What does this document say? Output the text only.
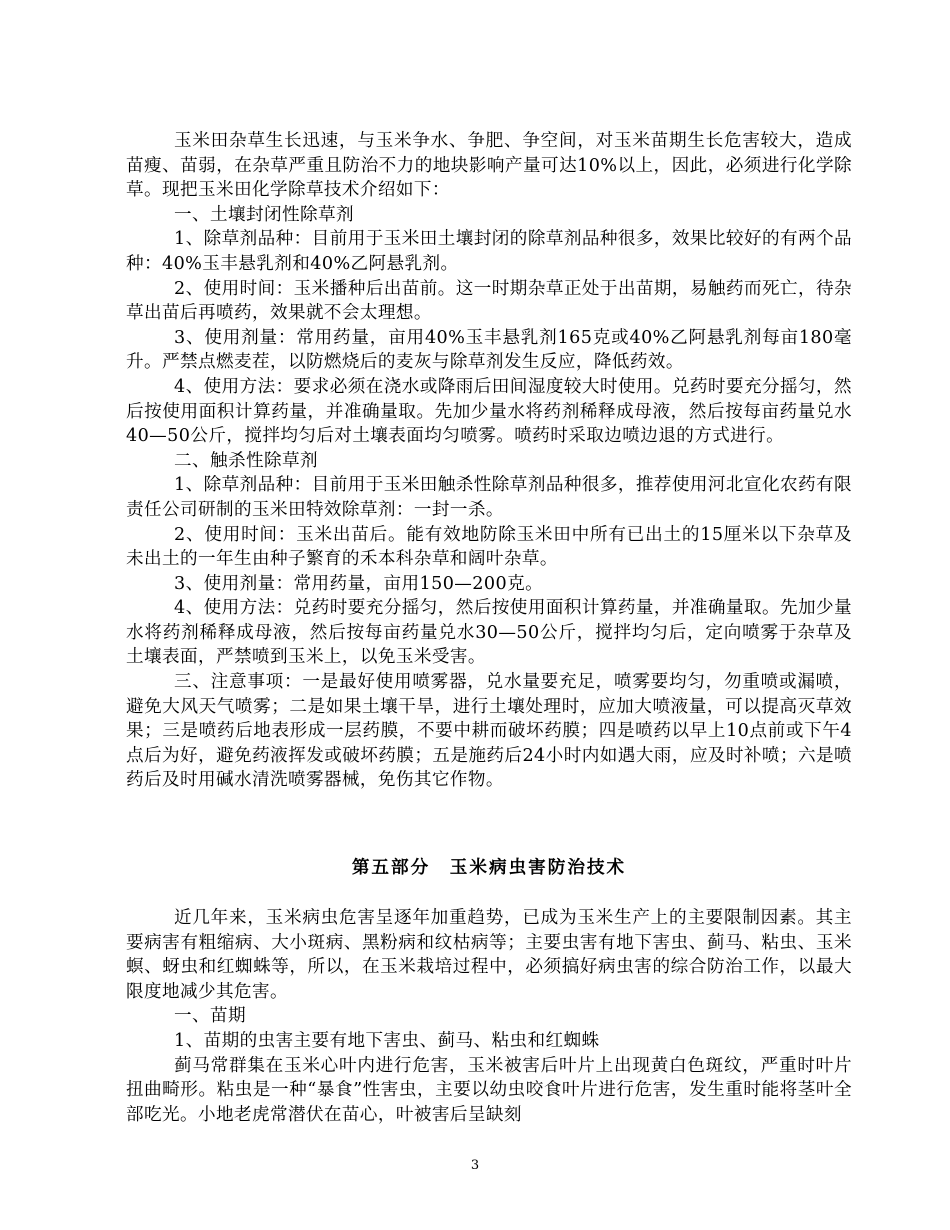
玉米田杂草生长迅速，与玉米争水、争肥、争空间，对玉米苗期生长危害较大，造成苗瘦、苗弱，在杂草严重且防治不力的地块影响产量可达10%以上，因此，必须进行化学除草。现把玉米田化学除草技术介绍如下：

一、土壤封闭性除草剂

1、除草剂品种：目前用于玉米田土壤封闭的除草剂品种很多，效果比较好的有两个品种：40%玉丰悬乳剂和40%乙阿悬乳剂。

2、使用时间：玉米播种后出苗前。这一时期杂草正处于出苗期，易触药而死亡，待杂草出苗后再喷药，效果就不会太理想。

3、使用剂量：常用药量，亩用40%玉丰悬乳剂165克或40%乙阿悬乳剂每亩180毫升。严禁点燃麦茬，以防燃烧后的麦灰与除草剂发生反应，降低药效。

4、使用方法：要求必须在浇水或降雨后田间湿度较大时使用。兑药时要充分摇匀，然后按使用面积计算药量，并准确量取。先加少量水将药剂稀释成母液，然后按每亩药量兑水40—50公斤，搅拌均匀后对土壤表面均匀喷雾。喷药时采取边喷边退的方式进行。

二、触杀性除草剂

1、除草剂品种：目前用于玉米田触杀性除草剂品种很多，推荐使用河北宣化农药有限责任公司研制的玉米田特效除草剂：一封一杀。

2、使用时间：玉米出苗后。能有效地防除玉米田中所有已出土的15厘米以下杂草及未出土的一年生由种子繁育的禾本科杂草和阔叶杂草。

3、使用剂量：常用药量，亩用150—200克。

4、使用方法：兑药时要充分摇匀，然后按使用面积计算药量，并准确量取。先加少量水将药剂稀释成母液，然后按每亩药量兑水30—50公斤，搅拌均匀后，定向喷雾于杂草及土壤表面，严禁喷到玉米上，以免玉米受害。

三、注意事项：一是最好使用喷雾器，兑水量要充足，喷雾要均匀，勿重喷或漏喷，避免大风天气喷雾；二是如果土壤干旱，进行土壤处理时，应加大喷液量，可以提高灭草效果；三是喷药后地表形成一层药膜，不要中耕而破坏药膜；四是喷药以早上10点前或下午4点后为好，避免药液挥发或破坏药膜；五是施药后24小时内如遇大雨，应及时补喷；六是喷药后及时用碱水清洗喷雾器械，免伤其它作物。

第五部分　玉米病虫害防治技术

近几年来，玉米病虫危害呈逐年加重趋势，已成为玉米生产上的主要限制因素。其主要病害有粗缩病、大小斑病、黑粉病和纹枯病等；主要虫害有地下害虫、蓟马、粘虫、玉米螟、蚜虫和红蜘蛛等，所以，在玉米栽培过程中，必须搞好病虫害的综合防治工作，以最大限度地减少其危害。

一、苗期

1、苗期的虫害主要有地下害虫、蓟马、粘虫和红蜘蛛

蓟马常群集在玉米心叶内进行危害，玉米被害后叶片上出现黄白色斑纹，严重时叶片扭曲畸形。粘虫是一种“暴食”性害虫，主要以幼虫咬食叶片进行危害，发生重时能将茎叶全部吃光。小地老虎常潜伏在苗心，叶被害后呈缺刻

3
